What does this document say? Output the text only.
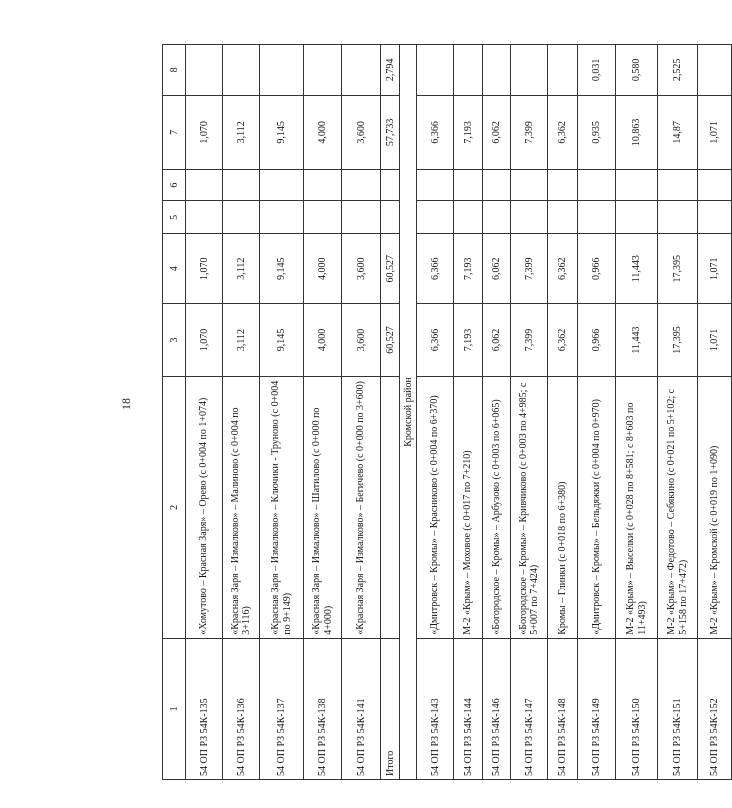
18
1	2	3	4	5	6	7	8
54 ОП РЗ 54К-135	«Хомутово – Красная Заря» – Орево (с 0+004 по 1+074)	1,070	1,070			1,070	
54 ОП РЗ 54К-136	«Красная Заря – Измалково» – Малиново (с 0+004 по 3+116)	3,112	3,112			3,112	
54 ОП РЗ 54К-137	«Красная Заря – Измалково» – Ключики - Труново (с 0+004 по 9+149)	9,145	9,145			9,145	
54 ОП РЗ 54К-138	«Красная Заря – Измалково» – Шатилово (с 0+000 по 4+000)	4,000	4,000			4,000	
54 ОП РЗ 54К-141	«Красная Заря – Измалково» – Бегичево (с 0+000 по 3+600)	3,600	3,600			3,600	
Итого		60,527	60,527			57,733	2,794
Кромской район							
54 ОП РЗ 54К-143	«Дмитровск – Кромы» – Красниково (с 0+004 по 6+370)	6,366	6,366			6,366	
54 ОП РЗ 54К-144	М-2 «Крым» – Моховое (с 0+017 по 7+210)	7,193	7,193			7,193	
54 ОП РЗ 54К-146	«Богородское – Кромы» – Арбузово (с 0+003 по 6+065)	6,062	6,062			6,062	
54 ОП РЗ 54К-147	«Богородское – Кромы» – Кривчиково (с 0+003 по 4+985; с 5+007 по 7+424)	7,399	7,399			7,399	
54 ОП РЗ 54К-148	Кромы – Глинки (с 0+018 по 6+380)	6,362	6,362			6,362	
54 ОП РЗ 54К-149	«Дмитровск – Кромы» – Бельдяжки (с 0+004 по 0+970)	0,966	0,966			0,935	0,031
54 ОП РЗ 54К-150	М-2 «Крым» – Выселки (с 0+028 по 8+581; с 8+603 по 11+493)	11,443	11,443			10,863	0,580
54 ОП РЗ 54К-151	М-2 «Крым» – Федотово – Себякино (с 0+021 по 5+102; с 5+158 по 17+472)	17,395	17,395			14,87	2,525
54 ОП РЗ 54К-152	М-2 «Крым» – Кромской (с 0+019 по 1+090)	1,071	1,071			1,071	
